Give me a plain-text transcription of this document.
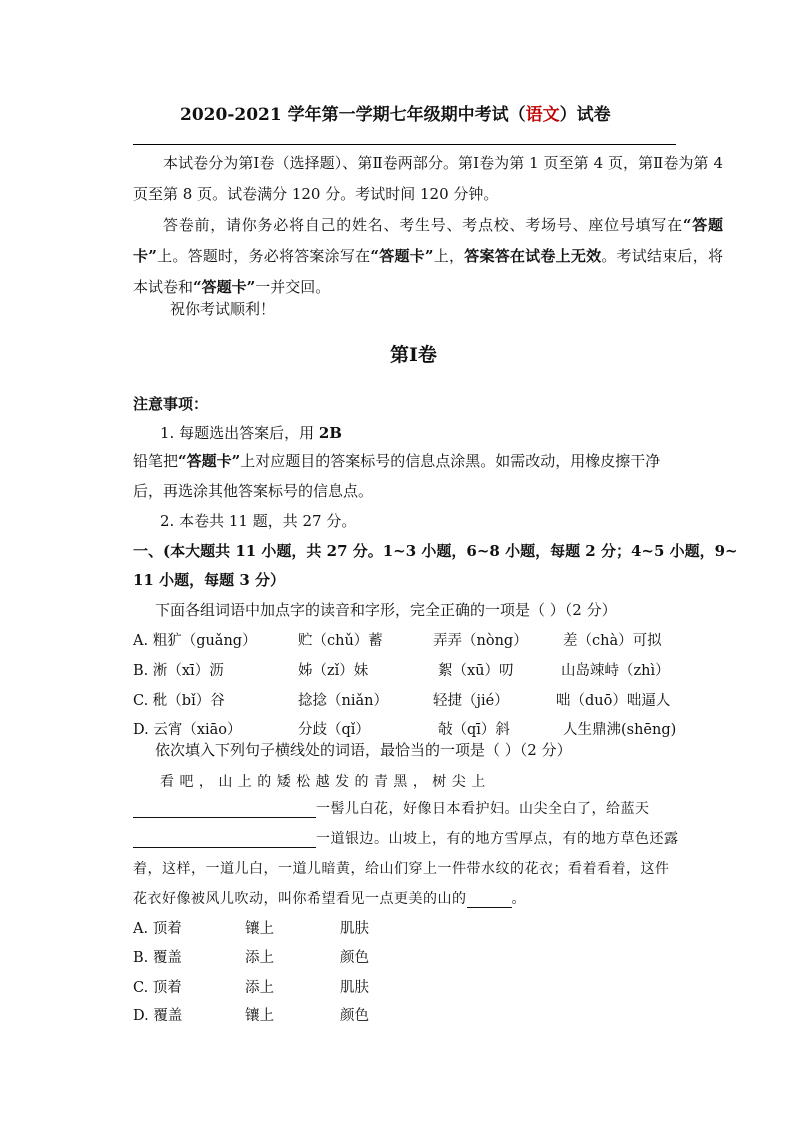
2020-2021 学年第一学期七年级期中考试（语文）试卷
本试卷分为第Ⅰ卷（选择题）、第Ⅱ卷两部分。第Ⅰ卷为第 1 页至第 4 页，第Ⅱ卷为第 4 页至第 8 页。试卷满分 120 分。考试时间 120 分钟。
答卷前，请你务必将自己的姓名、考生号、考点校、考场号、座位号填写在“答题卡”上。答题时，务必将答案涂写在“答题卡”上，答案答在试卷上无效。考试结束后，将本试卷和“答题卡”一并交回。
祝你考试顺利！
第Ⅰ卷
注意事项：
1. 每题选出答案后，用 2B
铅笔把“答题卡”上对应题目的答案标号的信息点涂黑。如需改动，用橡皮擦干净
后，再选涂其他答案标号的信息点。
2. 本卷共 11 题，共 27 分。
一、(本大题共 11 小题，共 27 分。1~3 小题，6~8 小题，每题 2 分；4~5 小题，9~
11 小题，每题 3 分）
下面各组词语中加点字的读音和字形，完全正确的一项是（ ）（2 分）
A. 粗犷（guǎng）	贮（chǔ）蓄	弄弄（nòng） 差（chà）可拟
B. 淅（xī）沥	姊（zǐ）妹	絮（xū）叨	山岛竦峙（zhì）
C. 秕（bǐ）谷	捻捻（niǎn）	轻捷（jié）	咄（duō）咄逼人
D. 云宵（xiāo）	分歧（qǐ）	敧（qī）斜	人生鼎沸(shēng)
依次填入下列句子横线处的词语，最恰当的一项是（ ）（2 分）
看 吧 ， 山 上 的 矮 松 越 发 的 青 黑 ， 树 尖 上
一髻儿白花，好像日本看护妇。山尖全白了，给蓝天
一道银边。山坡上，有的地方雪厚点，有的地方草色还露
着，这样，一道儿白，一道儿暗黄，给山们穿上一件带水纹的花衣；看着看着，这件
花衣好像被风儿吹动，叫你希望看见一点更美的山的	。
A. 顶着	镶上	肌肤
B. 覆盖	添上	颜色
C. 顶着	添上	肌肤
D. 覆盖	镶上	颜色
